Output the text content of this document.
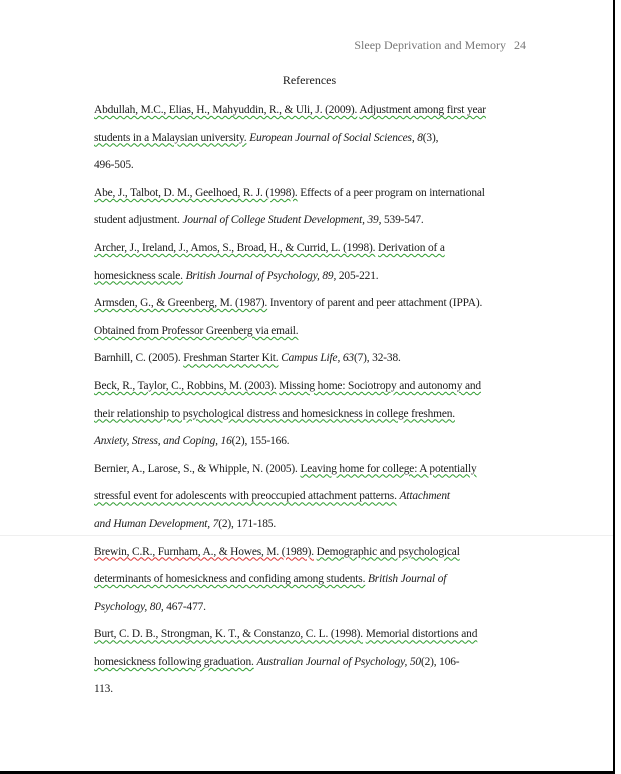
Sleep Deprivation and Memory 24
References
Abdullah, M.C., Elias, H., Mahyuddin, R., & Uli, J. (2009). Adjustment among first year
students in a Malaysian university. European Journal of Social Sciences, 8(3),
496-505.
Abe, J., Talbot, D. M., Geelhoed, R. J. (1998). Effects of a peer program on international
student adjustment. Journal of College Student Development, 39, 539-547.
Archer, J., Ireland, J., Amos, S., Broad, H., & Currid, L. (1998). Derivation of a
homesickness scale. British Journal of Psychology, 89, 205-221.
Armsden, G., & Greenberg, M. (1987). Inventory of parent and peer attachment (IPPA).
Obtained from Professor Greenberg via email.
Barnhill, C. (2005). Freshman Starter Kit. Campus Life, 63(7), 32-38.
Beck, R., Taylor, C., Robbins, M. (2003). Missing home: Sociotropy and autonomy and
their relationship to psychological distress and homesickness in college freshmen.
Anxiety, Stress, and Coping, 16(2), 155-166.
Bernier, A., Larose, S., & Whipple, N. (2005). Leaving home for college: A potentially
stressful event for adolescents with preoccupied attachment patterns. Attachment
and Human Development, 7(2), 171-185.
Brewin, C.R., Furnham, A., & Howes, M. (1989). Demographic and psychological
determinants of homesickness and confiding among students. British Journal of
Psychology, 80, 467-477.
Burt, C. D. B., Strongman, K. T., & Constanzo, C. L. (1998). Memorial distortions and
homesickness following graduation. Australian Journal of Psychology, 50(2), 106-
113.
